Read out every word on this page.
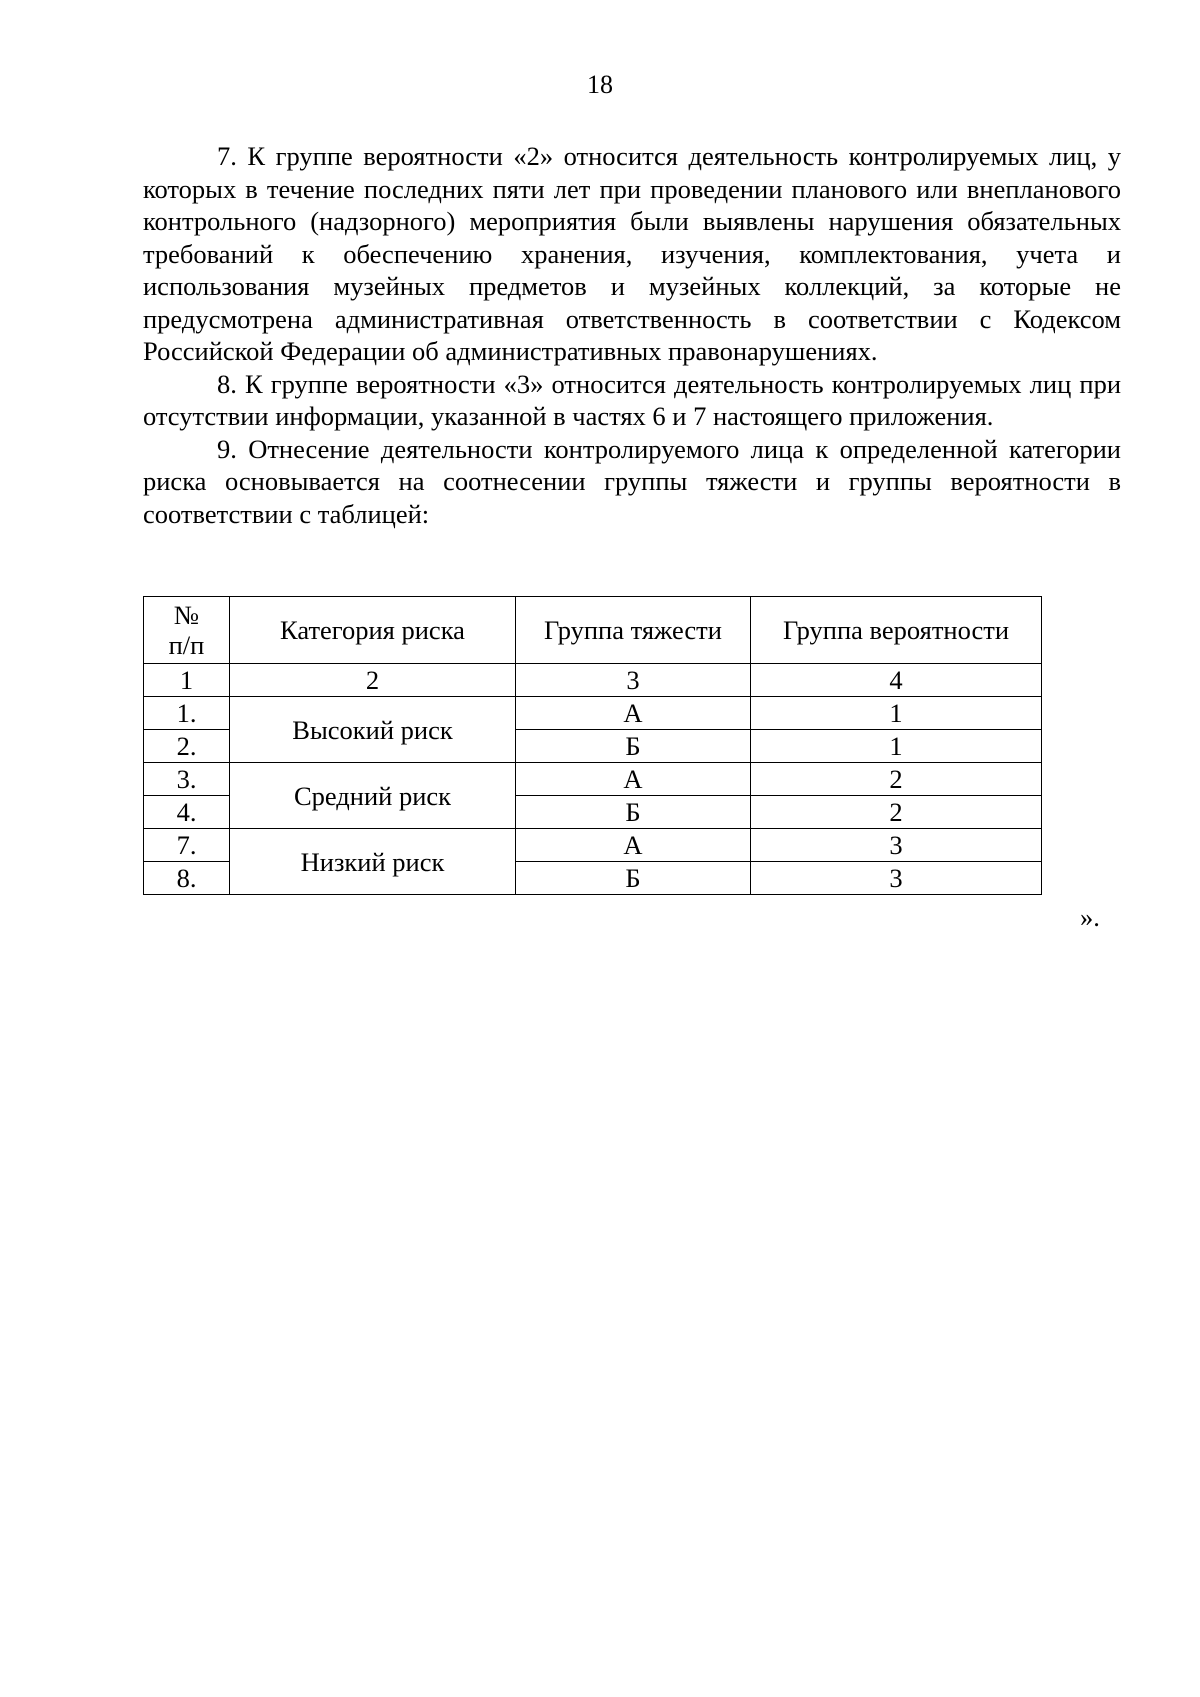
18

7. К группе вероятности «2» относится деятельность контролируемых лиц, у которых в течение последних пяти лет при проведении планового или внепланового контрольного (надзорного) мероприятия были выявлены нарушения обязательных требований к обеспечению хранения, изучения, комплектования, учета и использования музейных предметов и музейных коллекций, за которые не предусмотрена административная ответственность в соответствии с Кодексом Российской Федерации об административных правонарушениях.

8. К группе вероятности «3» относится деятельность контролируемых лиц при отсутствии информации, указанной в частях 6 и 7 настоящего приложения.

9. Отнесение деятельности контролируемого лица к определенной категории риска основывается на соотнесении группы тяжести и группы вероятности в соответствии с таблицей:

№
п/п	Категория риска	Группа тяжести	Группа вероятности
1	2	3	4
1.	Высокий риск	А	1
2.		Б	1
3.	Средний риск	А	2
4.		Б	2
7.	Низкий риск	А	3
8.		Б	3
».
